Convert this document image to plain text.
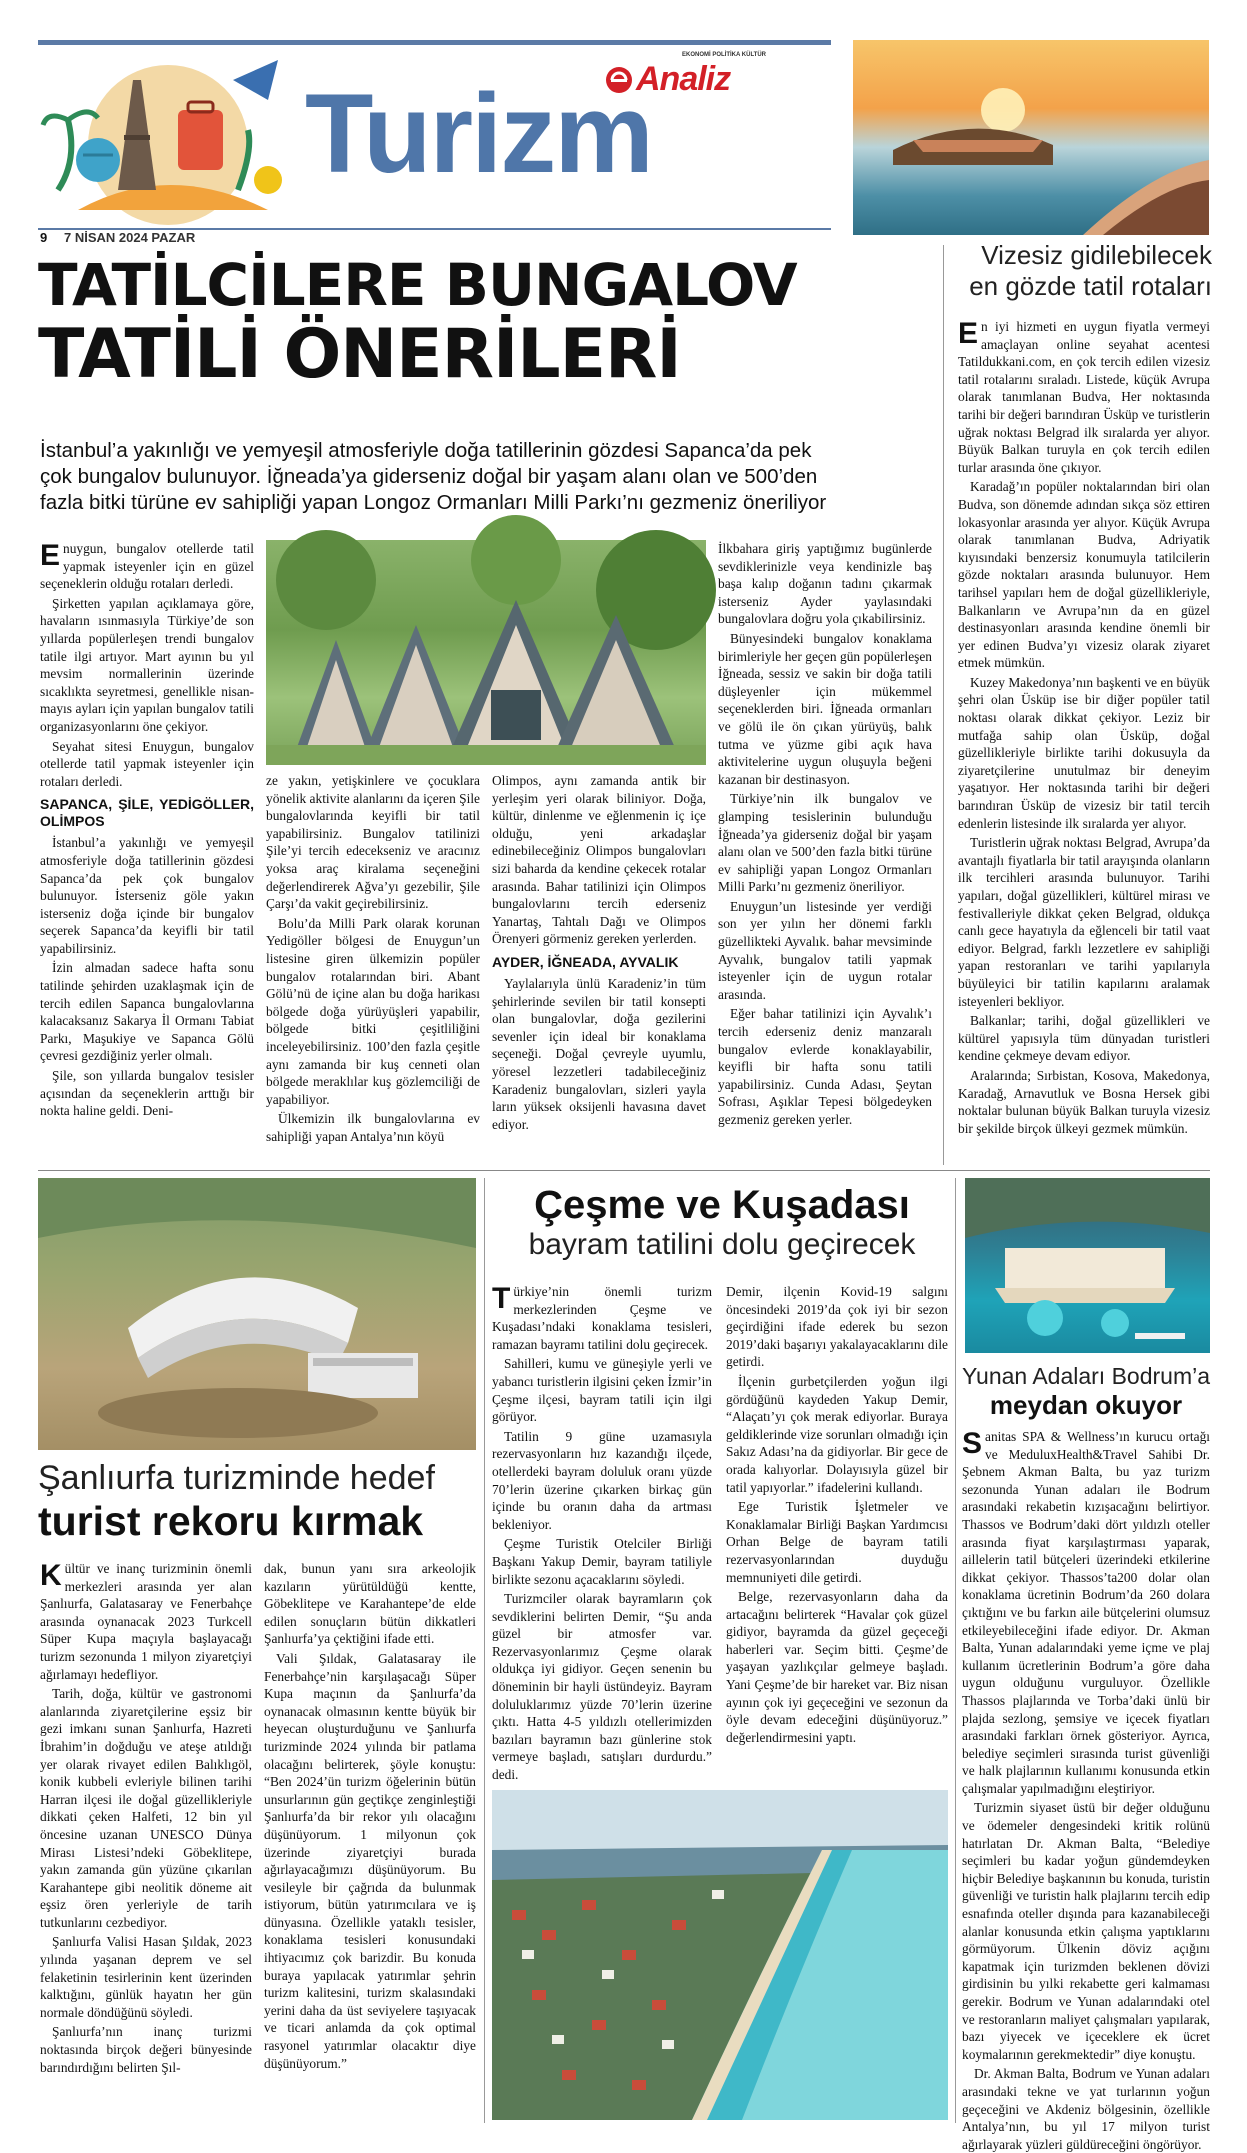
EKONOMİ POLİTİKA KÜLTÜR
Analiz
Turizm
9 7 NİSAN 2024 PAZAR
TATİLCİLERE BUNGALOV
TATİLİ ÖNERİLERİ
İstanbul’a yakınlığı ve yemyeşil atmosferiyle doğa tatillerinin gözdesi Sapanca’da pek çok bungalov bulunuyor. İğneada’ya giderseniz doğal bir yaşam alanı olan ve 500’den fazla bitki türüne ev sahipliği yapan Longoz Ormanları Milli Parkı’nı gezmeniz öneriliyor

Enuygun, bungalov otellerde tatil yapmak isteyenler için en güzel seçeneklerin olduğu rotaları derledi.

Şirketten yapılan açıklamaya göre, havaların ısınmasıyla Türkiye’de son yıllarda popülerleşen trendi bungalov tatile ilgi artıyor. Mart ayının bu yıl mevsim normallerinin üzerinde sıcaklıkta seyretmesi, genellikle nisan-mayıs ayları için yapılan bungalov tatili organizasyonlarını öne çekiyor.

Seyahat sitesi Enuygun, bungalov otellerde tatil yapmak isteyenler için rotaları derledi.

SAPANCA, ŞİLE, YEDİGÖLLER, OLİMPOS

İstanbul’a yakınlığı ve yemyeşil atmosferiyle doğa tatillerinin gözdesi Sapanca’da pek çok bungalov bulunuyor. İsterseniz göle yakın isterseniz doğa içinde bir bungalov seçerek Sapanca’da keyifli bir tatil yapabilirsiniz.

İzin almadan sadece hafta sonu tatilinde şehirden uzaklaşmak için de tercih edilen Sapanca bungalovlarına kalacaksanız Sakarya İl Ormanı Tabiat Parkı, Maşukiye ve Sapanca Gölü çevresi gezdiğiniz yerler olmalı.

Şile, son yıllarda bungalov tesisler açısından da seçeneklerin arttığı bir nokta haline geldi. Deni-

ze yakın, yetişkinlere ve çocuklara yönelik aktivite alanlarını da içeren Şile bungalovlarında keyifli bir tatil yapabilirsiniz. Bungalov tatilinizi Şile’yi tercih edecekseniz ve aracınız yoksa araç kiralama seçeneğini değerlendirerek Ağva’yı gezebilir, Şile Çarşı’da vakit geçirebilirsiniz.

Bolu’da Milli Park olarak korunan Yedigöller bölgesi de Enuygun’un listesine giren ülkemizin popüler bungalov rotalarından biri. Abant Gölü’nü de içine alan bu doğa harikası bölgede doğa yürüyüşleri yapabilir, bölgede bitki çeşitliliğini inceleyebilirsiniz. 100’den fazla çeşitle aynı zamanda bir kuş cenneti olan bölgede meraklılar kuş gözlemciliği de yapabiliyor.

Ülkemizin ilk bungalovlarına ev sahipliği yapan Antalya’nın köyü

Olimpos, aynı zamanda antik bir yerleşim yeri olarak biliniyor. Doğa, kültür, dinlenme ve eğlenmenin iç içe olduğu, yeni arkadaşlar edinebileceğiniz Olimpos bungalovları sizi baharda da kendine çekecek rotalar arasında. Bahar tatilinizi için Olimpos bungalovlarını tercih ederseniz Yanartaş, Tahtalı Dağı ve Olimpos Örenyeri görmeniz gereken yerlerden.

AYDER, İĞNEADA, AYVALIK

Yaylalarıyla ünlü Karadeniz’in tüm şehirlerinde sevilen bir tatil konsepti olan bungalovlar, doğa gezilerini sevenler için ideal bir konaklama seçeneği. Doğal çevreyle uyumlu, yöresel lezzetleri tadabileceğiniz Karadeniz bungalovları, sizleri yayla ların yüksek oksijenli havasına davet ediyor.

İlkbahara giriş yaptığımız bugünlerde sevdiklerinizle veya kendinizle baş başa kalıp doğanın tadını çıkarmak isterseniz Ayder yaylasındaki bungalovlara doğru yola çıkabilirsiniz.

Bünyesindeki bungalov konaklama birimleriyle her geçen gün popülerleşen İğneada, sessiz ve sakin bir doğa tatili düşleyenler için mükemmel seçeneklerden biri. İğneada ormanları ve gölü ile ön çıkan yürüyüş, balık tutma ve yüzme gibi açık hava aktivitelerine uygun oluşuyla beğeni kazanan bir destinasyon.

Türkiye’nin ilk bungalov ve glamping tesislerinin bulunduğu İğneada’ya giderseniz doğal bir yaşam alanı olan ve 500’den fazla bitki türüne ev sahipliği yapan Longoz Ormanları Milli Parkı’nı gezmeniz öneriliyor.

Enuygun’un listesinde yer verdiği son yer yılın her dönemi farklı güzellikteki Ayvalık. bahar mevsiminde Ayvalık, bungalov tatili yapmak isteyenler için de uygun rotalar arasında.

Eğer bahar tatilinizi için Ayvalık’ı tercih ederseniz deniz manzaralı bungalov evlerde konaklayabilir, keyifli bir hafta sonu tatili yapabilirsiniz. Cunda Adası, Şeytan Sofrası, Aşıklar Tepesi bölgedeyken gezmeniz gereken yerler.

Vizesiz gidilebilecek
en gözde tatil rotaları

En iyi hizmeti en uygun fiyatla vermeyi amaçlayan online seyahat acentesi Tatildukkani.com, en çok tercih edilen vizesiz tatil rotalarını sıraladı. Listede, küçük Avrupa olarak tanımlanan Budva, Her noktasında tarihi bir değeri barındıran Üsküp ve turistlerin uğrak noktası Belgrad ilk sıralarda yer alıyor. Büyük Balkan turuyla en çok tercih edilen turlar arasında öne çıkıyor.

Karadağ’ın popüler noktalarından biri olan Budva, son dönemde adından sıkça söz ettiren lokasyonlar arasında yer alıyor. Küçük Avrupa olarak tanımlanan Budva, Adriyatik kıyısındaki benzersiz konumuyla tatilcilerin gözde noktaları arasında bulunuyor. Hem tarihsel yapıları hem de doğal güzellikleriyle, Balkanların ve Avrupa’nın da en güzel destinasyonları arasında kendine önemli bir yer edinen Budva’yı vizesiz olarak ziyaret etmek mümkün.

Kuzey Makedonya’nın başkenti ve en büyük şehri olan Üsküp ise bir diğer popüler tatil noktası olarak dikkat çekiyor. Leziz bir mutfağa sahip olan Üsküp, doğal güzellikleriyle birlikte tarihi dokusuyla da ziyaretçilerine unutulmaz bir deneyim yaşatıyor. Her noktasında tarihi bir değeri barındıran Üsküp de vizesiz bir tatil tercih edenlerin listesinde ilk sıralarda yer alıyor.

Turistlerin uğrak noktası Belgrad, Avrupa’da avantajlı fiyatlarla bir tatil arayışında olanların ilk tercihleri arasında bulunuyor. Tarihi yapıları, doğal güzellikleri, kültürel mirası ve festivalleriyle dikkat çeken Belgrad, oldukça canlı gece hayatıyla da eğlenceli bir tatil vaat ediyor. Belgrad, farklı lezzetlere ev sahipliği yapan restoranları ve tarihi yapılarıyla büyüleyici bir tatilin kapılarını aralamak isteyenleri bekliyor.

Balkanlar; tarihi, doğal güzellikleri ve kültürel yapısıyla tüm dünyadan turistleri kendine çekmeye devam ediyor.

Aralarında; Sırbistan, Kosova, Makedonya, Karadağ, Arnavutluk ve Bosna Hersek gibi noktalar bulunan büyük Balkan turuyla vizesiz bir şekilde birçok ülkeyi gezmek mümkün.

Şanlıurfa turizminde hedef
turist rekoru kırmak

Kültür ve inanç turizminin önemli merkezleri arasında yer alan Şanlıurfa, Galatasaray ve Fenerbahçe arasında oynanacak 2023 Turkcell Süper Kupa maçıyla başlayacağı turizm sezonunda 1 milyon ziyaretçiyi ağırlamayı hedefliyor.

Tarih, doğa, kültür ve gastronomi alanlarında ziyaretçilerine eşsiz bir gezi imkanı sunan Şanlıurfa, Hazreti İbrahim’in doğduğu ve ateşe atıldığı yer olarak rivayet edilen Balıklıgöl, konik kubbeli evleriyle bilinen tarihi Harran ilçesi ile doğal güzellikleriyle dikkati çeken Halfeti, 12 bin yıl öncesine uzanan UNESCO Dünya Mirası Listesi’ndeki Göbeklitepe, yakın zamanda gün yüzüne çıkarılan Karahantepe gibi neolitik döneme ait eşsiz ören yerleriyle de tarih tutkunlarını cezbediyor.

Şanlıurfa Valisi Hasan Şıldak, 2023 yılında yaşanan deprem ve sel felaketinin tesirlerinin kent üzerinden kalktığını, günlük hayatın her gün normale döndüğünü söyledi.

Şanlıurfa’nın inanç turizmi noktasında birçok değeri bünyesinde barındırdığını belirten Şıl-

dak, bunun yanı sıra arkeolojik kazıların yürütüldüğü kentte, Göbeklitepe ve Karahantepe’de elde edilen sonuçların bütün dikkatleri Şanlıurfa’ya çektiğini ifade etti.

Vali Şıldak, Galatasaray ile Fenerbahçe’nin karşılaşacağı Süper Kupa maçının da Şanlıurfa’da oynanacak olmasının kentte büyük bir heyecan oluşturduğunu ve Şanlıurfa turizminde 2024 yılında bir patlama olacağını belirterek, şöyle konuştu: “Ben 2024’ün turizm öğelerinin bütün unsurlarının gün geçtikçe zenginleştiği Şanlıurfa’da bir rekor yılı olacağını düşünüyorum. 1 milyonun çok üzerinde ziyaretçiyi burada ağırlayacağımızı düşünüyorum. Bu vesileyle bir çağrıda da bulunmak istiyorum, bütün yatırımcılara ve iş dünyasına. Özellikle yataklı tesisler, konaklama tesisleri konusundaki ihtiyacımız çok barizdir. Bu konuda buraya yapılacak yatırımlar şehrin turizm kalitesini, turizm skalasındaki yerini daha da üst seviyelere taşıyacak ve ticari anlamda da çok optimal rasyonel yatırımlar olacaktır diye düşünüyorum.”

Çeşme ve Kuşadası
bayram tatilini dolu geçirecek

Türkiye’nin önemli turizm merkezlerinden Çeşme ve Kuşadası’ndaki konaklama tesisleri, ramazan bayramı tatilini dolu geçirecek.

Sahilleri, kumu ve güneşiyle yerli ve yabancı turistlerin ilgisini çeken İzmir’in Çeşme ilçesi, bayram tatili için ilgi görüyor.

Tatilin 9 güne uzamasıyla rezervasyonların hız kazandığı ilçede, otellerdeki bayram doluluk oranı yüzde 70’lerin üzerine çıkarken birkaç gün içinde bu oranın daha da artması bekleniyor.

Çeşme Turistik Otelciler Birliği Başkanı Yakup Demir, bayram tatiliyle birlikte sezonu açacaklarını söyledi.

Turizmciler olarak bayramların çok sevdiklerini belirten Demir, “Şu anda güzel bir atmosfer var. Rezervasyonlarımız Çeşme olarak oldukça iyi gidiyor. Geçen senenin bu döneminin bir hayli üstündeyiz. Bayram doluluklarımız yüzde 70’lerin üzerine çıktı. Hatta 4-5 yıldızlı otellerimizden bazıları bayramın bazı günlerine stok vermeye başladı, satışları durdurdu.” dedi.

Demir, ilçenin Kovid-19 salgını öncesindeki 2019’da çok iyi bir sezon geçirdiğini ifade ederek bu sezon 2019’daki başarıyı yakalayacaklarını dile getirdi.

İlçenin gurbetçilerden yoğun ilgi gördüğünü kaydeden Yakup Demir, “Alaçatı’yı çok merak ediyorlar. Buraya geldiklerinde vize sorunları olmadığı için Sakız Adası’na da gidiyorlar. Bir gece de orada kalıyorlar. Dolayısıyla güzel bir tatil yapıyorlar.” ifadelerini kullandı.

Ege Turistik İşletmeler ve Konaklamalar Birliği Başkan Yardımcısı Orhan Belge de bayram tatili rezervasyonlarından duyduğu memnuniyeti dile getirdi.

Belge, rezervasyonların daha da artacağını belirterek “Havalar çok güzel gidiyor, bayramda da güzel geçeceği haberleri var. Seçim bitti. Çeşme’de yaşayan yazlıkçılar gelmeye başladı. Yani Çeşme’de bir hareket var. Biz nisan ayının çok iyi geçeceğini ve sezonun da öyle devam edeceğini düşünüyoruz.” değerlendirmesini yaptı.

Yunan Adaları Bodrum’a
meydan okuyor

Sanitas SPA & Wellness’ın kurucu ortağı ve MeduluxHealth&Travel Sahibi Dr. Şebnem Akman Balta, bu yaz turizm sezonunda Yunan adaları ile Bodrum arasındaki rekabetin kızışacağını belirtiyor. Thassos ve Bodrum’daki dört yıldızlı oteller arasında fiyat karşılaştırması yaparak, aillelerin tatil bütçeleri üzerindeki etkilerine dikkat çekiyor. Thassos’ta200 dolar olan konaklama ücretinin Bodrum’da 260 dolara çıktığını ve bu farkın aile bütçelerini olumsuz etkileyebileceğini ifade ediyor. Dr. Akman Balta, Yunan adalarındaki yeme içme ve plaj kullanım ücretlerinin Bodrum’a göre daha uygun olduğunu vurguluyor. Özellikle Thassos plajlarında ve Torba’daki ünlü bir plajda sezlong, şemsiye ve içecek fiyatları arasındaki farkları örnek gösteriyor. Ayrıca, belediye seçimleri sırasında turist güvenliği ve halk plajlarının kullanımı konusunda etkin çalışmalar yapılmadığını eleştiriyor.

Turizmin siyaset üstü bir değer olduğunu ve ödemeler dengesindeki kritik rolünü hatırlatan Dr. Akman Balta, “Belediye seçimleri bu kadar yoğun gündemdeyken hiçbir Belediye başkanının bu konuda, turistin güvenliği ve turistin halk plajlarını tercih edip esnafında oteller dışında para kazanabileceği alanlar konusunda etkin çalışma yaptıklarını görmüyorum. Ülkenin döviz açığını kapatmak için turizmden beklenen dövizi girdisinin bu yılki rekabette geri kalmaması gerekir. Bodrum ve Yunan adalarındaki otel ve restoranların maliyet çalışmaları yapılarak, bazı yiyecek ve içeceklere ek ücret koymalarının gerekmektedir” diye konuştu.

Dr. Akman Balta, Bodrum ve Yunan adaları arasındaki tekne ve yat turlarının yoğun geçeceğini ve Akdeniz bölgesinin, özellikle Antalya’nın, bu yıl 17 milyon turist ağırlayarak yüzleri güldüreceğini öngörüyor.
